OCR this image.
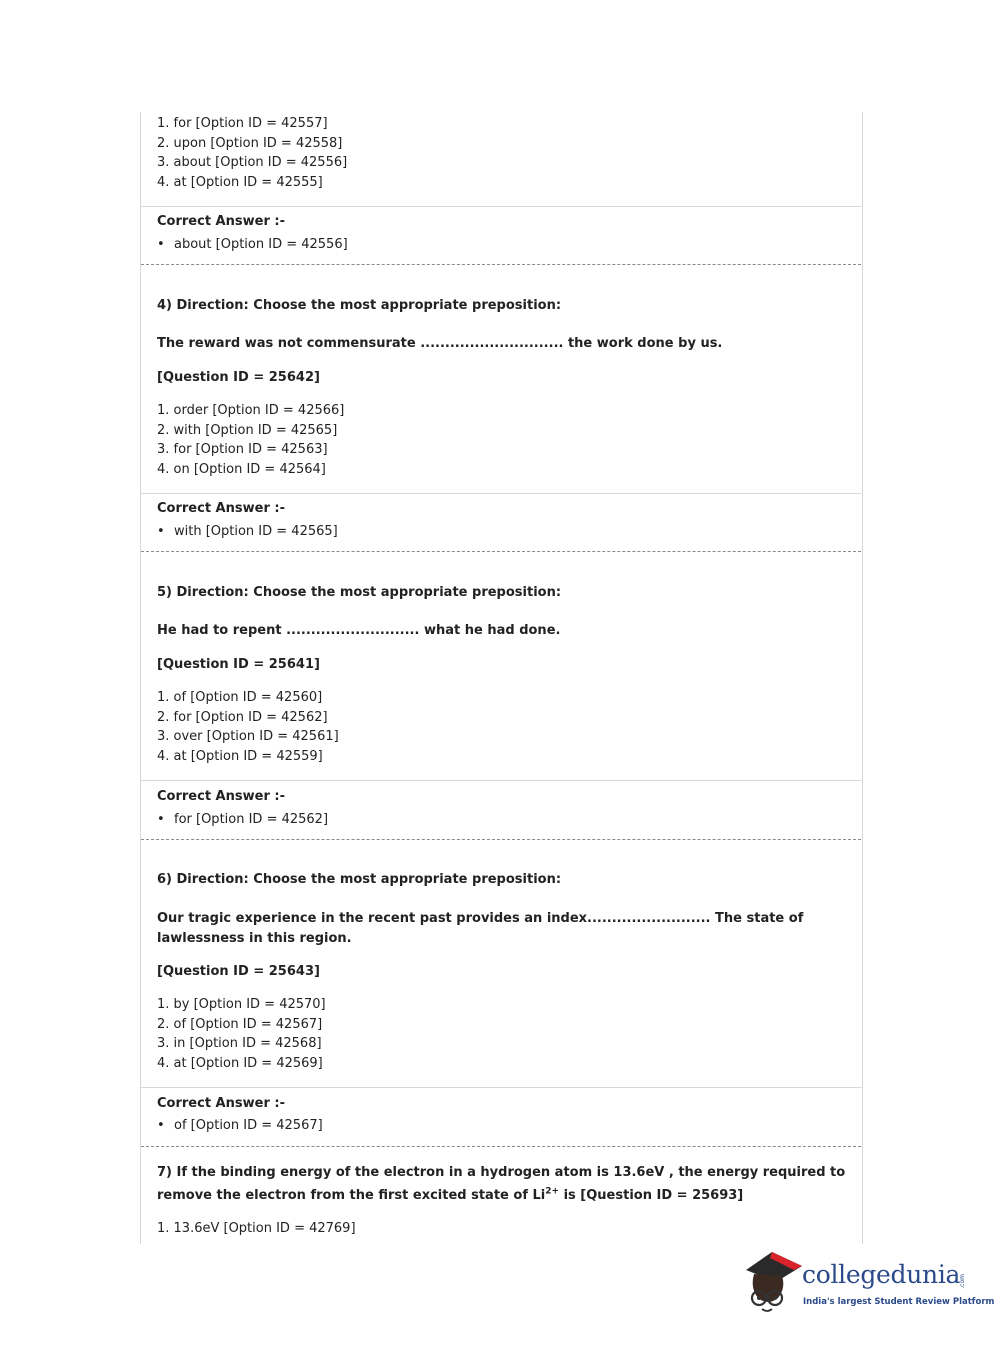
1. for [Option ID = 42557]
2. upon [Option ID = 42558]
3. about [Option ID = 42556]
4. at [Option ID = 42555]
Correct Answer :-
• about [Option ID = 42556]
4) Direction: Choose the most appropriate preposition:
The reward was not commensurate ............................. the work done by us.
[Question ID = 25642]
1. order [Option ID = 42566]
2. with [Option ID = 42565]
3. for [Option ID = 42563]
4. on [Option ID = 42564]
Correct Answer :-
• with [Option ID = 42565]
5) Direction: Choose the most appropriate preposition:
He had to repent ........................... what he had done.
[Question ID = 25641]
1. of [Option ID = 42560]
2. for [Option ID = 42562]
3. over [Option ID = 42561]
4. at [Option ID = 42559]
Correct Answer :-
• for [Option ID = 42562]
6) Direction: Choose the most appropriate preposition:
Our tragic experience in the recent past provides an index......................... The state of
lawlessness in this region.
[Question ID = 25643]
1. by [Option ID = 42570]
2. of [Option ID = 42567]
3. in [Option ID = 42568]
4. at [Option ID = 42569]
Correct Answer :-
• of [Option ID = 42567]
7) If the binding energy of the electron in a hydrogen atom is 13.6eV , the energy required to
remove the electron from the first excited state of $Li^{2+}$ is [Question ID = 25693]
1. 13.6eV [Option ID = 42769]
collegedunia
.com
India's largest Student Review Platform
